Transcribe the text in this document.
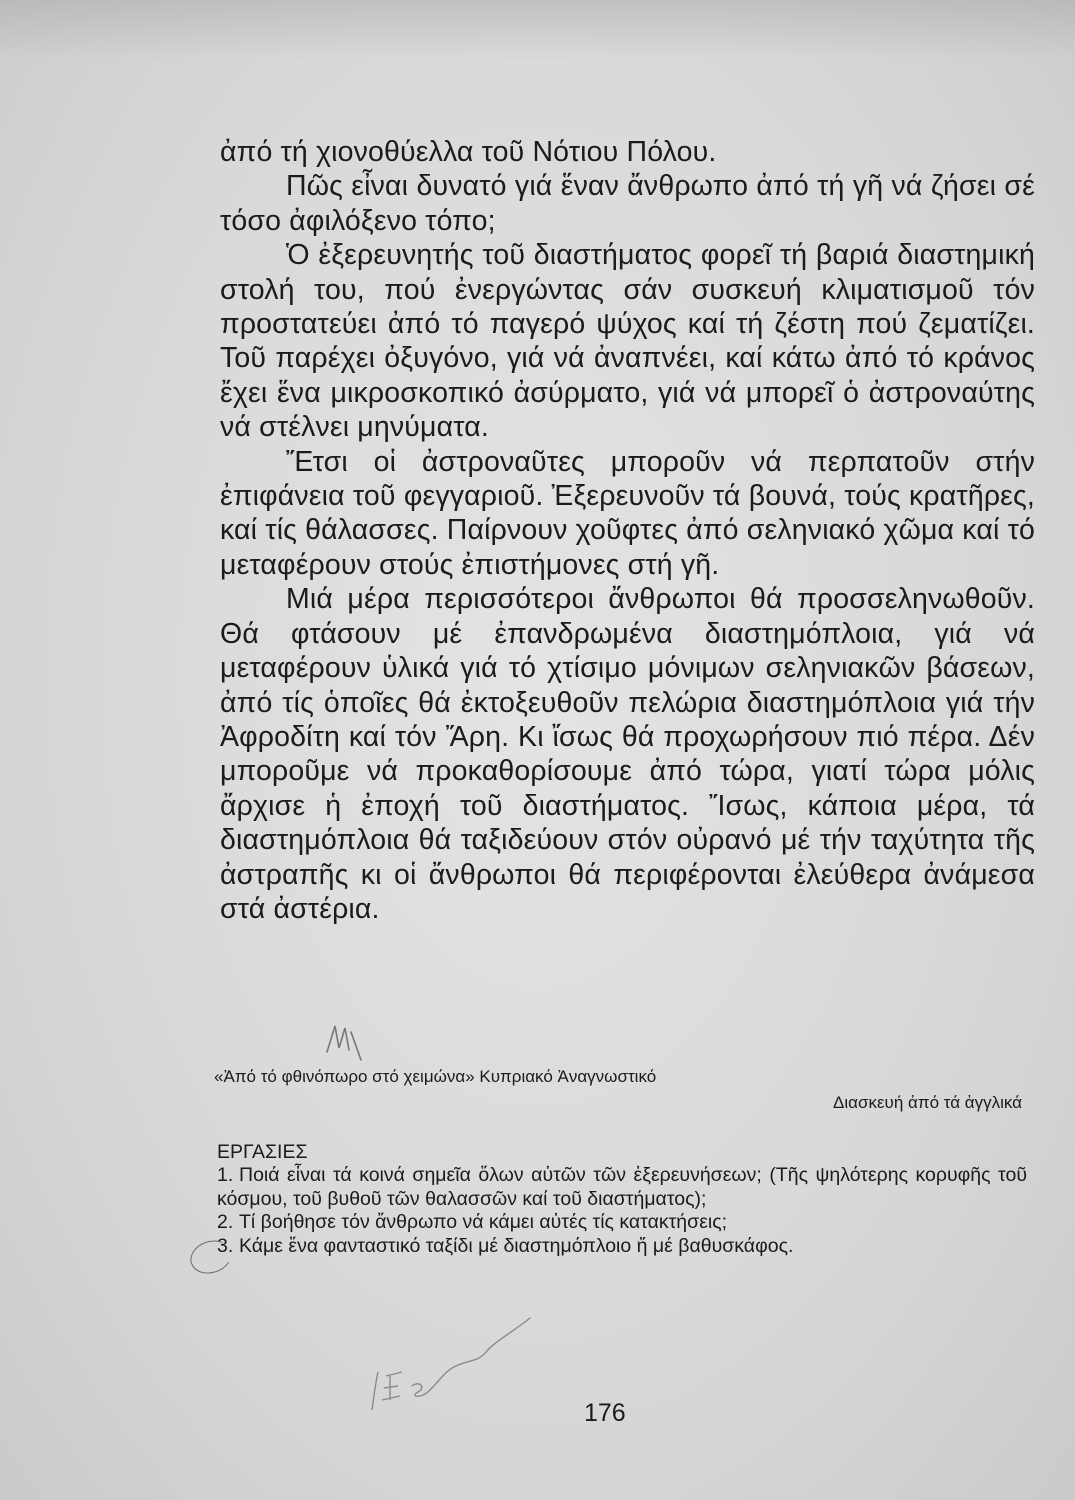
ἀπό τή χιονοθύελλα τοῦ Νότιου Πόλου.

Πῶς εἶναι δυνατό γιά ἕναν ἄνθρωπο ἀπό τή γῆ νά ζήσει σέ τόσο ἀφιλόξενο τόπο;

Ὁ ἐξερευνητής τοῦ διαστήματος φορεῖ τή βαριά διαστημική στολή του, πού ἐνεργώντας σάν συσκευή κλιματισμοῦ τόν προστατεύει ἀπό τό παγερό ψύχος καί τή ζέστη πού ζεματίζει. Τοῦ παρέχει ὀξυγόνο, γιά νά ἀναπνέει, καί κάτω ἀπό τό κράνος ἔχει ἕνα μικροσκοπικό ἀσύρματο, γιά νά μπορεῖ ὁ ἀστροναύτης νά στέλνει μηνύματα.

Ἔτσι οἱ ἀστροναῦτες μποροῦν νά περπατοῦν στήν ἐπιφάνεια τοῦ φεγγαριοῦ. Ἐξερευνοῦν τά βουνά, τούς κρατῆρες, καί τίς θάλασσες. Παίρνουν χοῦφτες ἀπό σεληνιακό χῶμα καί τό μεταφέρουν στούς ἐπιστήμονες στή γῆ.

Μιά μέρα περισσότεροι ἄνθρωποι θά προσσεληνωθοῦν. Θά φτάσουν μέ ἐπανδρωμένα διαστημόπλοια, γιά νά μεταφέρουν ὑλικά γιά τό χτίσιμο μόνιμων σεληνιακῶν βάσεων, ἀπό τίς ὁποῖες θά ἐκτοξευθοῦν πελώρια διαστημόπλοια γιά τήν Ἀφροδίτη καί τόν Ἄρη. Κι ἴσως θά προχωρήσουν πιό πέρα. Δέν μποροῦμε νά προκαθορίσουμε ἀπό τώρα, γιατί τώρα μόλις ἄρχισε ἡ ἐποχή τοῦ διαστήματος. Ἴσως, κάποια μέρα, τά διαστημόπλοια θά ταξιδεύουν στόν οὐρανό μέ τήν ταχύτητα τῆς ἀστραπῆς κι οἱ ἄνθρωποι θά περιφέρονται ἐλεύθερα ἀνάμεσα στά ἀστέρια.

«Ἀπό τό φθινόπωρο στό χειμώνα» Κυπριακό Ἀναγνωστικό
Διασκευή ἀπό τά ἀγγλικά

ΕΡΓΑΣΙΕΣ

1. Ποιά εἶναι τά κοινά σημεῖα ὅλων αὐτῶν τῶν ἐξερευνήσεων; (Τῆς ψηλότερης κορυφῆς τοῦ κόσμου, τοῦ βυθοῦ τῶν θαλασσῶν καί τοῦ διαστήματος);
2. Τί βοήθησε τόν ἄνθρωπο νά κάμει αὐτές τίς κατακτήσεις;
3. Κάμε ἕνα φανταστικό ταξίδι μέ διαστημόπλοιο ἤ μέ βαθυσκάφος.
176
